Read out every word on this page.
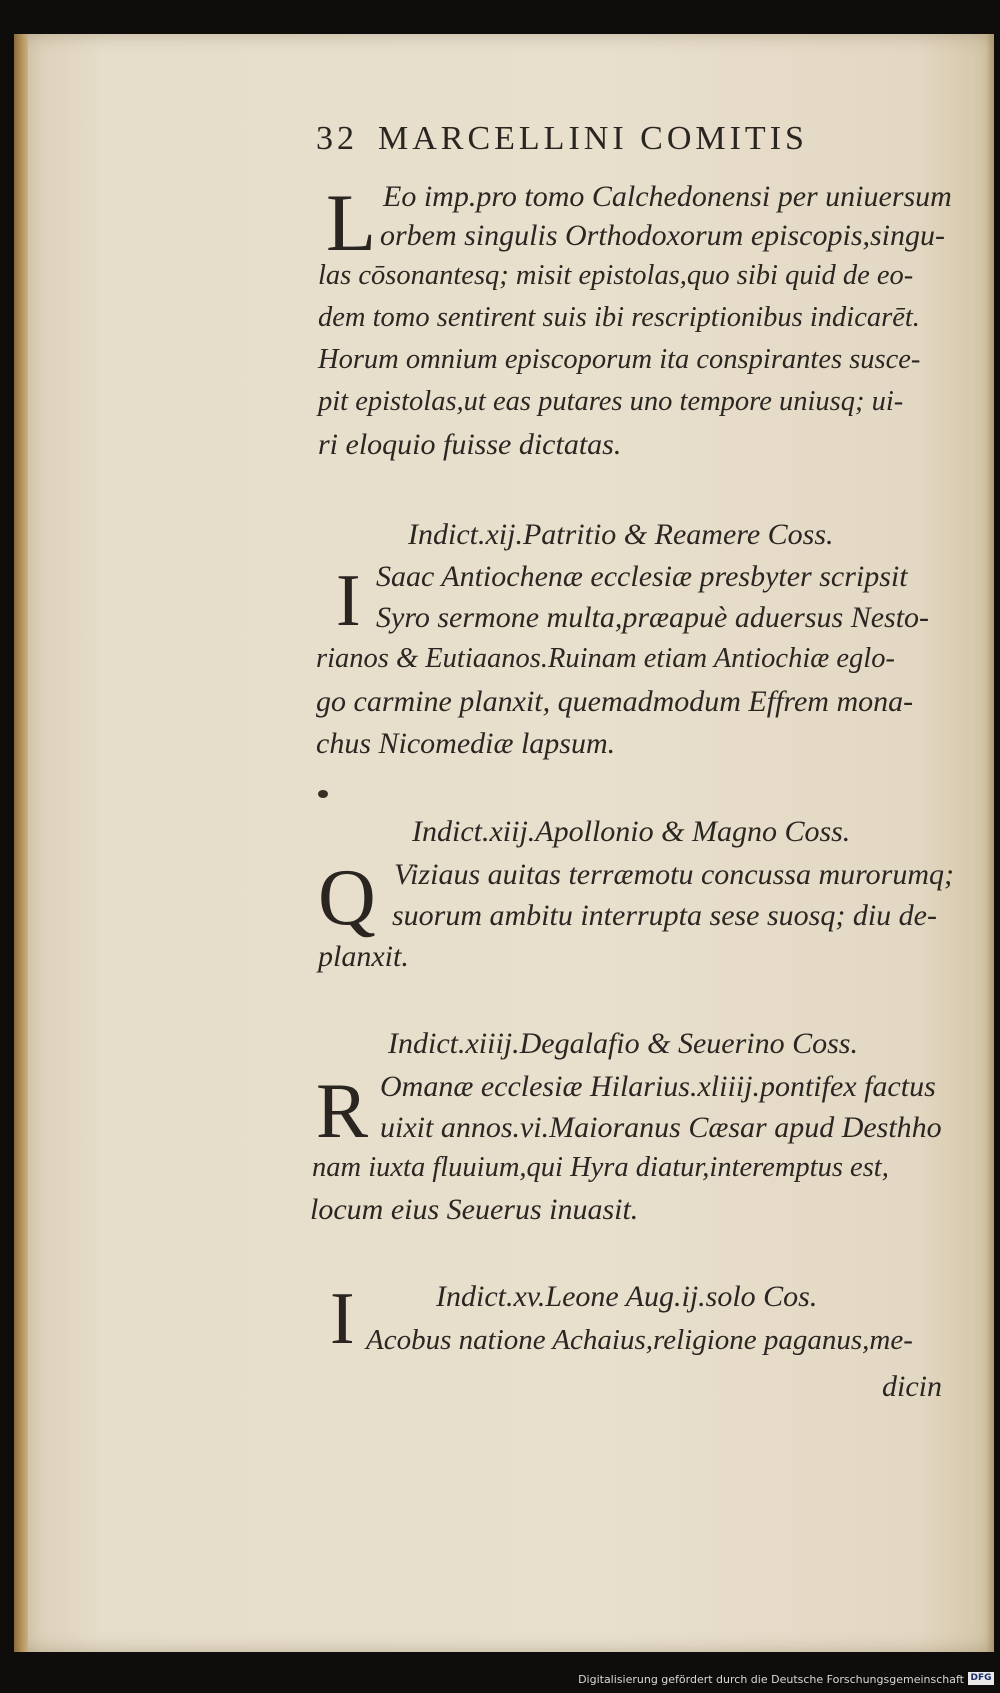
32 MARCELLINI COMITIS
L Eo imp.pro tomo Calchedonensi per uniuersum
orbem singulis Orthodoxorum episcopis,singu-
las cōsonantesq; misit epistolas,quo sibi quid de eo-
dem tomo sentirent suis ibi rescriptionibus indicarēt.
Horum omnium episcoporum ita conspirantes susce-
pit epistolas,ut eas putares uno tempore uniusq; ui-
ri eloquio fuisse dictatas.
Indict.xij.Patritio & Reamere Coss.
I Saac Antiochenæ ecclesiæ presbyter scripsit
Syro sermone multa,præapuè aduersus Nesto-
rianos & Eutiaanos.Ruinam etiam Antiochiæ eglo-
go carmine planxit, quemadmodum Effrem mona-
chus Nicomediæ lapsum.
Indict.xiij.Apollonio & Magno Coss.
Q Viziaus auitas terræmotu concussa murorumq;
suorum ambitu interrupta sese suosq; diu de-
planxit.
Indict.xiiij.Degalafio & Seuerino Coss.
R Omanæ ecclesiæ Hilarius.xliiij.pontifex factus
uixit annos.vi.Maioranus Cæsar apud Desthho
nam iuxta fluuium,qui Hyra diatur,interemptus est,
locum eius Seuerus inuasit.
I	Indict.xv.Leone Aug.ij.solo Cos.
Acobus natione Achaius,religione paganus,me-
dicin
Digitalisierung gefördert durch die Deutsche Forschungsgemeinschaft DFG
